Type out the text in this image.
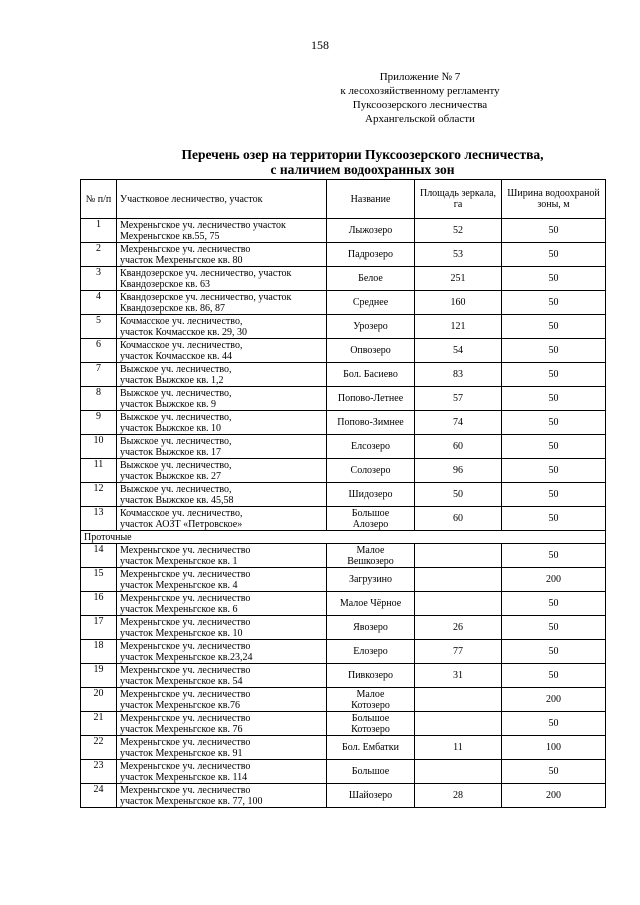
158
Приложение № 7
к лесохозяйственному регламенту
Пуксоозерского лесничества
Архангельской области
Перечень озер на территории Пуксоозерского лесничества,
с наличием водоохранных зон
№ п/п	Участковое лесничество, участок	Название	Площадь зеркала, га	Ширина водоохраной зоны, м
1	Мехреньгское уч. лесничество участок
Мехреньгское кв.55, 75	Лыжозеро	52	50
2	Мехреньгское уч. лесничество
участок Мехреньгское кв. 80	Падрозеро	53	50
3	Квандозерское уч. лесничество, участок
Квандозерское кв. 63	Белое	251	50
4	Квандозерское уч. лесничество, участок
Квандозерское кв. 86, 87	Среднее	160	50
5	Кочмасское уч. лесничество,
участок Кочмасское кв. 29, 30	Урозеро	121	50
6	Кочмасское уч. лесничество,
участок Кочмасское кв. 44	Опвозеро	54	50
7	Выжское уч. лесничество,
участок Выжское кв. 1,2	Бол. Басиево	83	50
8	Выжское уч. лесничество,
участок Выжское кв. 9	Попово-Летнее	57	50
9	Выжское уч. лесничество,
участок Выжское кв. 10	Попово-Зимнее	74	50
10	Выжское уч. лесничество,
участок Выжское кв. 17	Елсозеро	60	50
11	Выжское уч. лесничество,
участок Выжское кв. 27	Солозеро	96	50
12	Выжское уч. лесничество,
участок Выжское кв. 45,58	Шидозеро	50	50
13	Кочмасское уч. лесничество,
участок АОЗТ «Петровское»	Большое
Алозеро	60	50
Проточные				
14	Мехреньгское уч. лесничество
участок Мехреньгское кв. 1	Малое
Вешкозеро		50
15	Мехреньгское уч. лесничество
участок Мехреньгское кв. 4	Загрузино		200
16	Мехреньгское уч. лесничество
участок Мехреньгское кв. 6	Малое Чёрное		50
17	Мехреньгское уч. лесничество
участок Мехреньгское кв. 10	Явозеро	26	50
18	Мехреньгское уч. лесничество
участок Мехреньгское кв.23,24	Елозеро	77	50
19	Мехреньгское уч. лесничество
участок Мехреньгское кв. 54	Пивкозеро	31	50
20	Мехреньгское уч. лесничество
участок Мехреньгское кв.76	Малое
Котозеро		200
21	Мехреньгское уч. лесничество
участок Мехреньгское кв. 76	Большое
Котозеро		50
22	Мехреньгское уч. лесничество
участок Мехреньгское кв. 91	Бол. Ембатки	11	100
23	Мехреньгское уч. лесничество
участок Мехреньгское кв. 114	Большое		50
24	Мехреньгское уч. лесничество
участок Мехреньгское кв. 77, 100	Шайозеро	28	200
